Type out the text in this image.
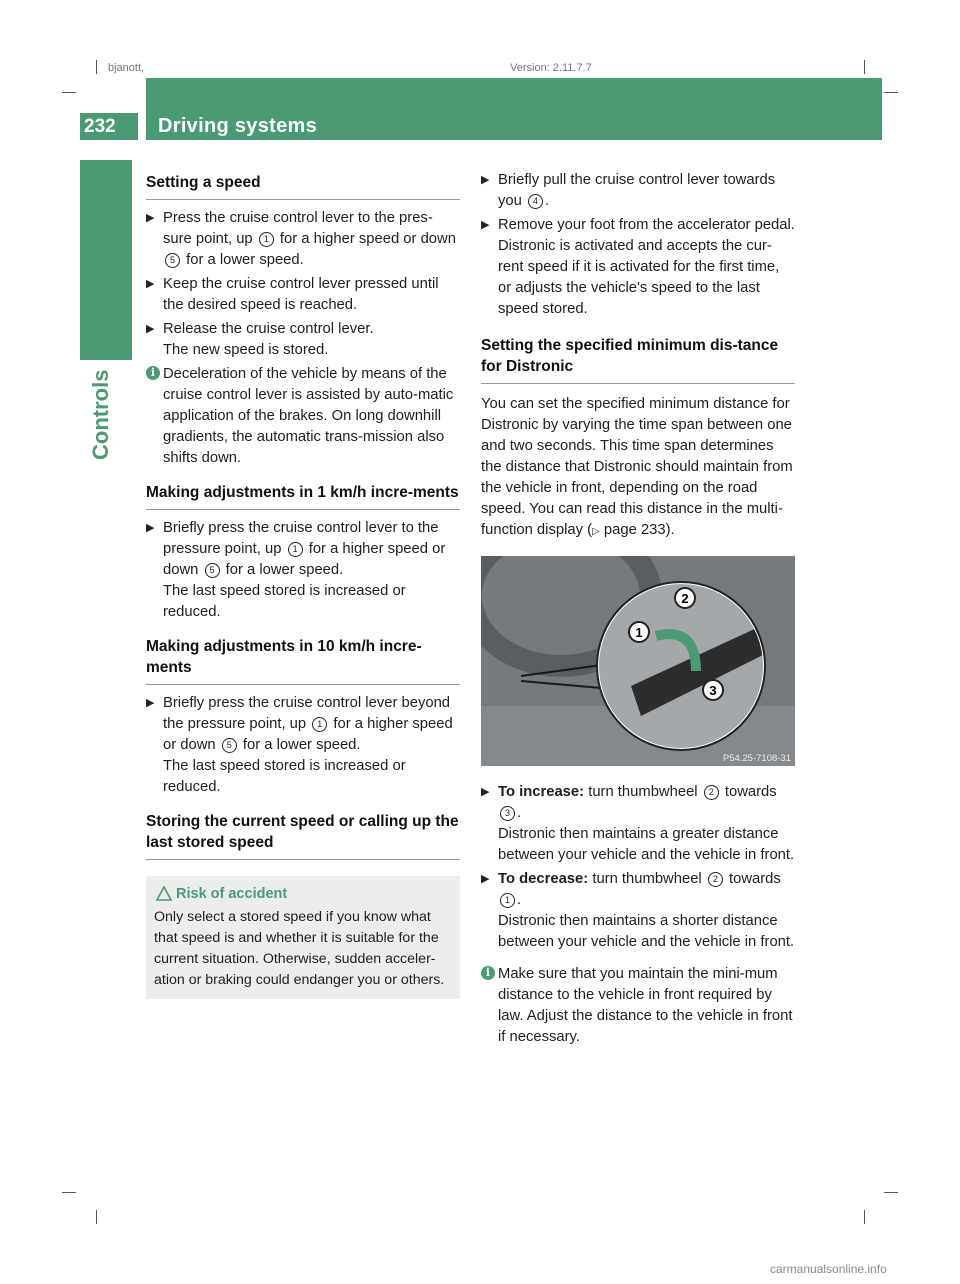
bjanott,	Version: 2.11.7.7
232	Driving systems
Controls
Setting a speed
▶ Press the cruise control lever to the pres-sure point, up 1 for a higher speed or down 5 for a lower speed.
▶ Keep the cruise control lever pressed until the desired speed is reached.
▶ Release the cruise control lever.
The new speed is stored.
i Deceleration of the vehicle by means of the cruise control lever is assisted by auto-matic application of the brakes. On long downhill gradients, the automatic trans-mission also shifts down.
Making adjustments in 1 km/h incre-ments
▶ Briefly press the cruise control lever to the pressure point, up 1 for a higher speed or down 5 for a lower speed.
The last speed stored is increased or reduced.
Making adjustments in 10 km/h incre-ments
▶ Briefly press the cruise control lever beyond the pressure point, up 1 for a higher speed or down 5 for a lower speed.
The last speed stored is increased or reduced.
Storing the current speed or calling up the last stored speed
Risk of accident
Only select a stored speed if you know what that speed is and whether it is suitable for the current situation. Otherwise, sudden acceler-ation or braking could endanger you or others.
▶ Briefly pull the cruise control lever towards you 4 .
▶ Remove your foot from the accelerator pedal.
Distronic is activated and accepts the cur-rent speed if it is activated for the first time, or adjusts the vehicle's speed to the last speed stored.
Setting the specified minimum dis-tance for Distronic

You can set the specified minimum distance for Distronic by varying the time span between one and two seconds. This time span determines the distance that Distronic should maintain from the vehicle in front, depending on the road speed. You can read this distance in the multi-function display (▷ page 233).

1
2
3
P54.25-7108-31
▶ To increase: turn thumbwheel 2 towards 3 .
Distronic then maintains a greater distance between your vehicle and the vehicle in front.
▶ To decrease: turn thumbwheel 2 towards 1 .
Distronic then maintains a shorter distance between your vehicle and the vehicle in front.
i Make sure that you maintain the mini-mum distance to the vehicle in front required by law. Adjust the distance to the vehicle in front if necessary.
carmanualsonline.info
